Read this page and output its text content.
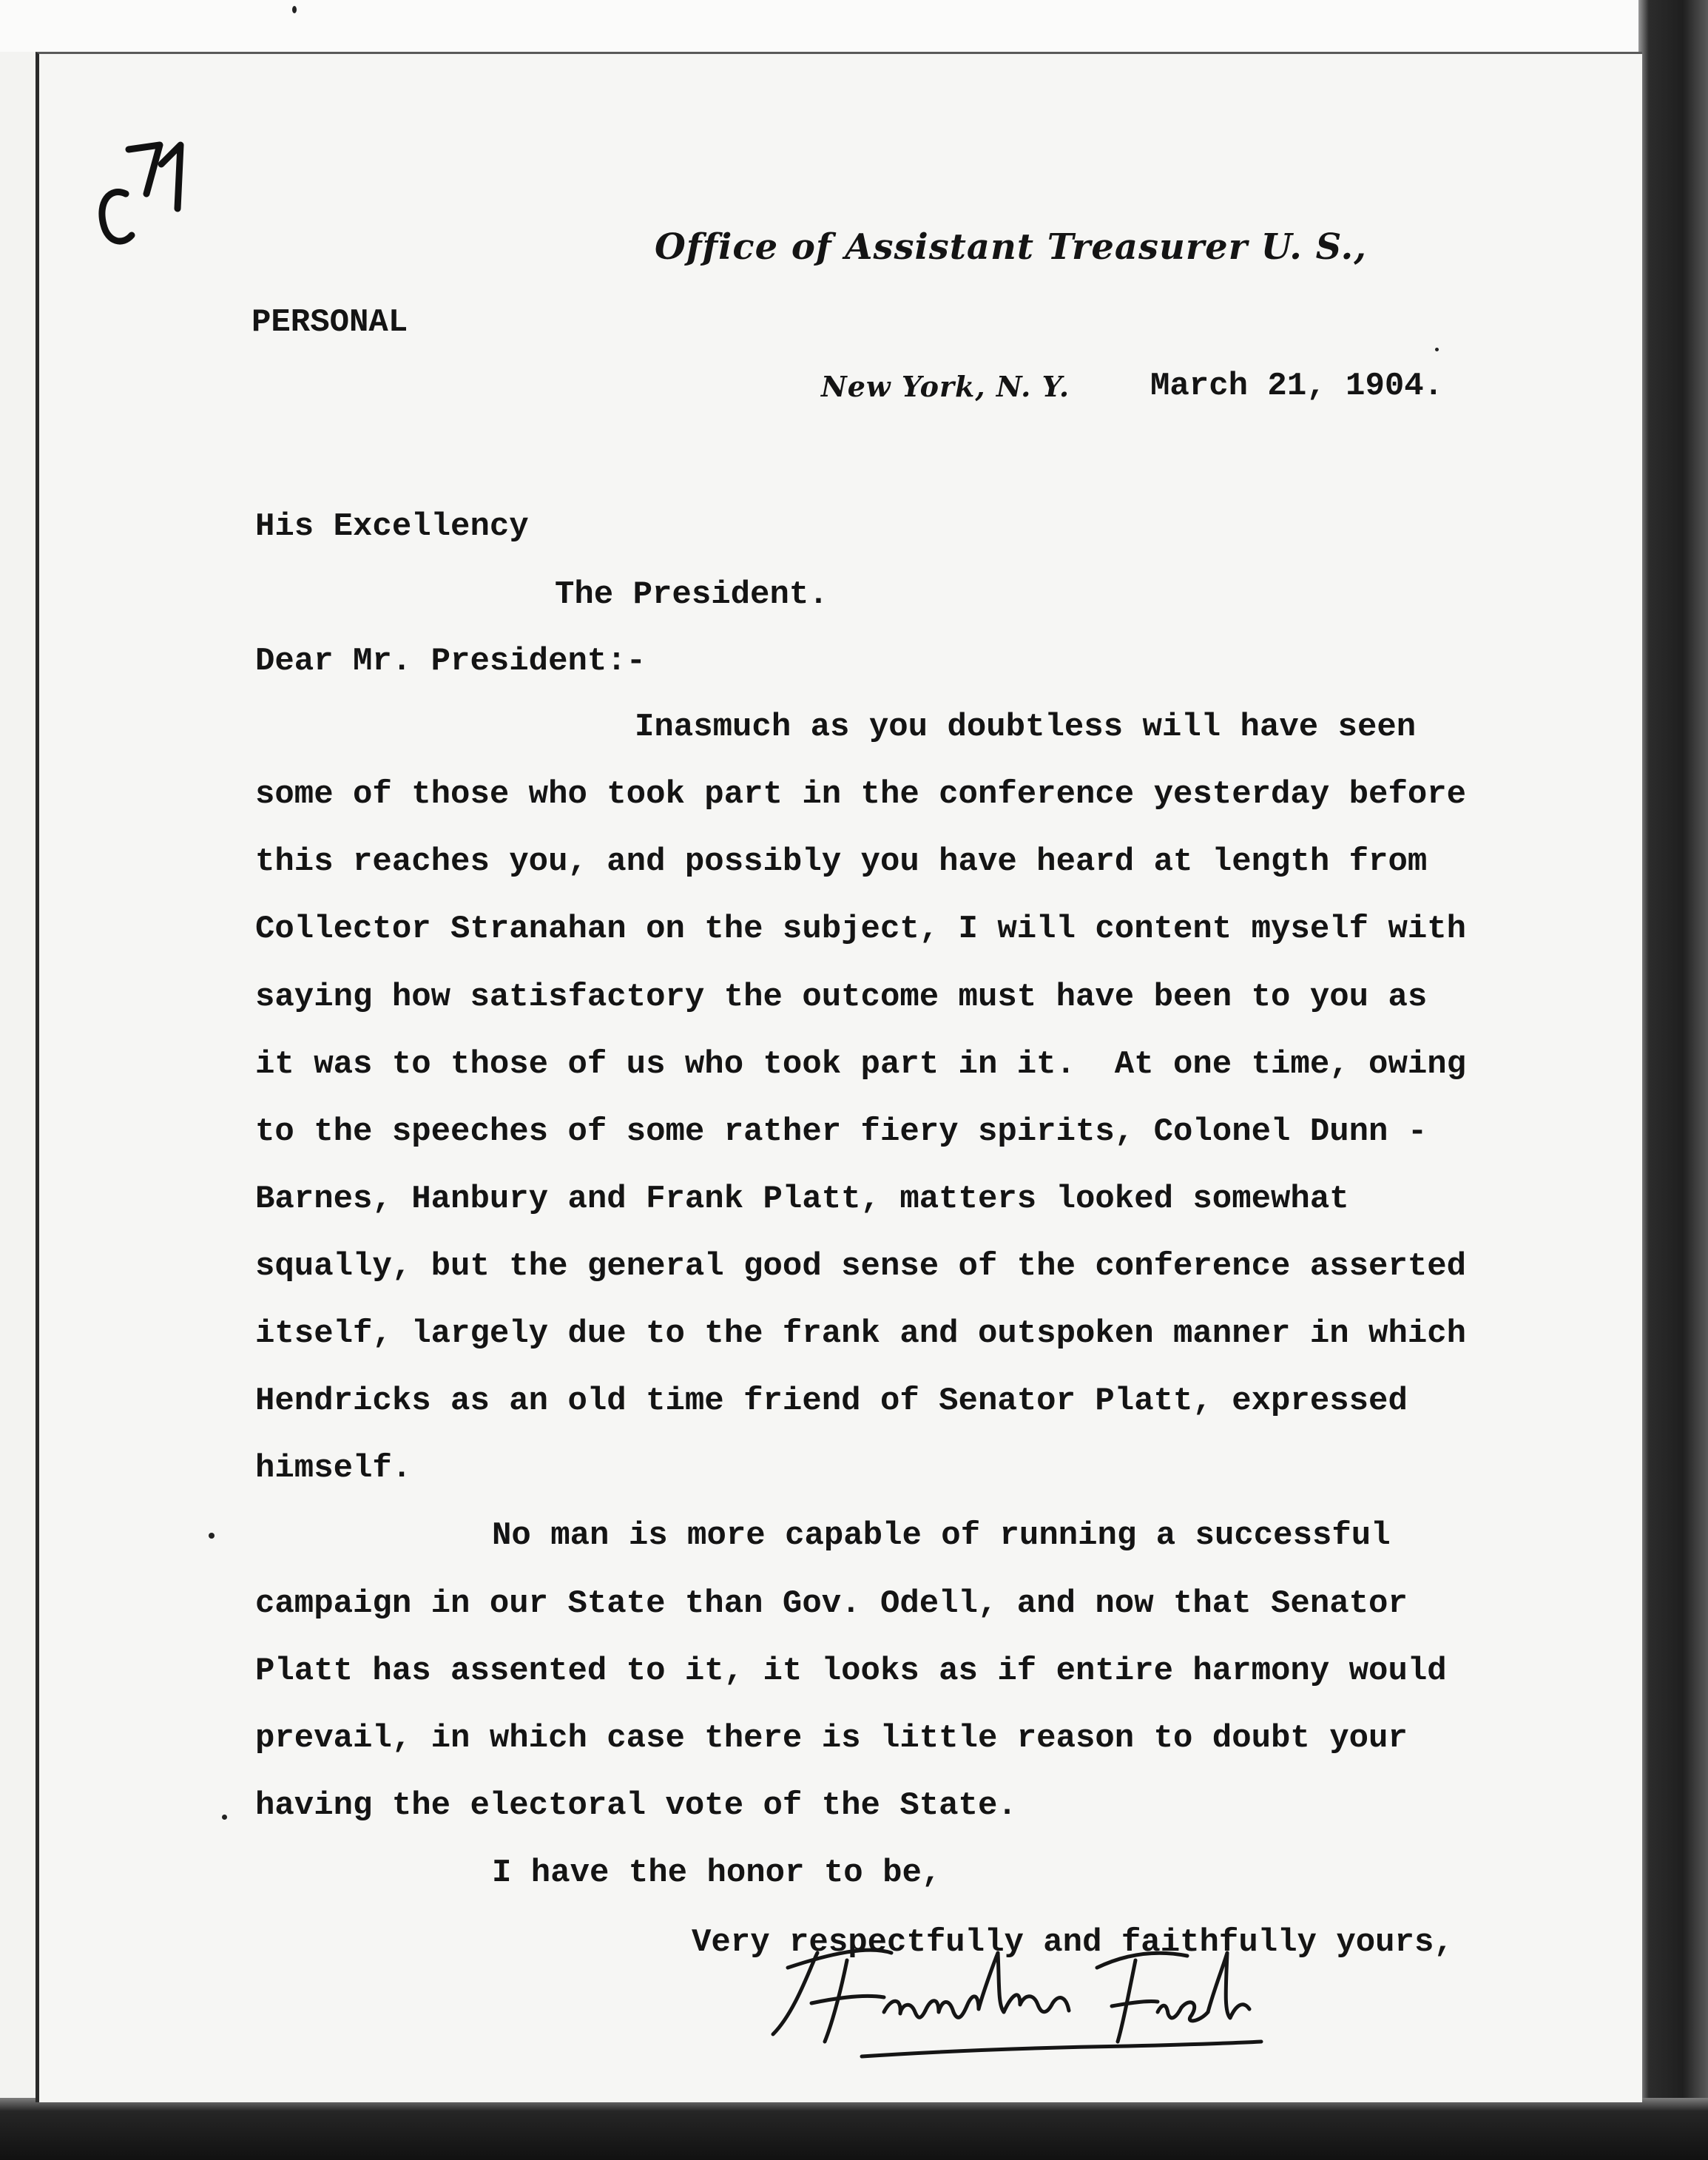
Office of Assistant Treasurer U. S.,
PERSONAL
New York, N. Y. March 21, 1904.
His Excellency
The President.
Dear Mr. President:-
Inasmuch as you doubtless will have seen
some of those who took part in the conference yesterday before
this reaches you, and possibly you have heard at length from
Collector Stranahan on the subject, I will content myself with
saying how satisfactory the outcome must have been to you as
it was to those of us who took part in it.  At one time, owing
to the speeches of some rather fiery spirits, Colonel Dunn -
Barnes, Hanbury and Frank Platt, matters looked somewhat
squally, but the general good sense of the conference asserted
itself, largely due to the frank and outspoken manner in which
Hendricks as an old time friend of Senator Platt, expressed
himself.
No man is more capable of running a successful
campaign in our State than Gov. Odell, and now that Senator
Platt has assented to it, it looks as if entire harmony would
prevail, in which case there is little reason to doubt your
having the electoral vote of the State.
I have the honor to be,
Very respectfully and faithfully yours,
